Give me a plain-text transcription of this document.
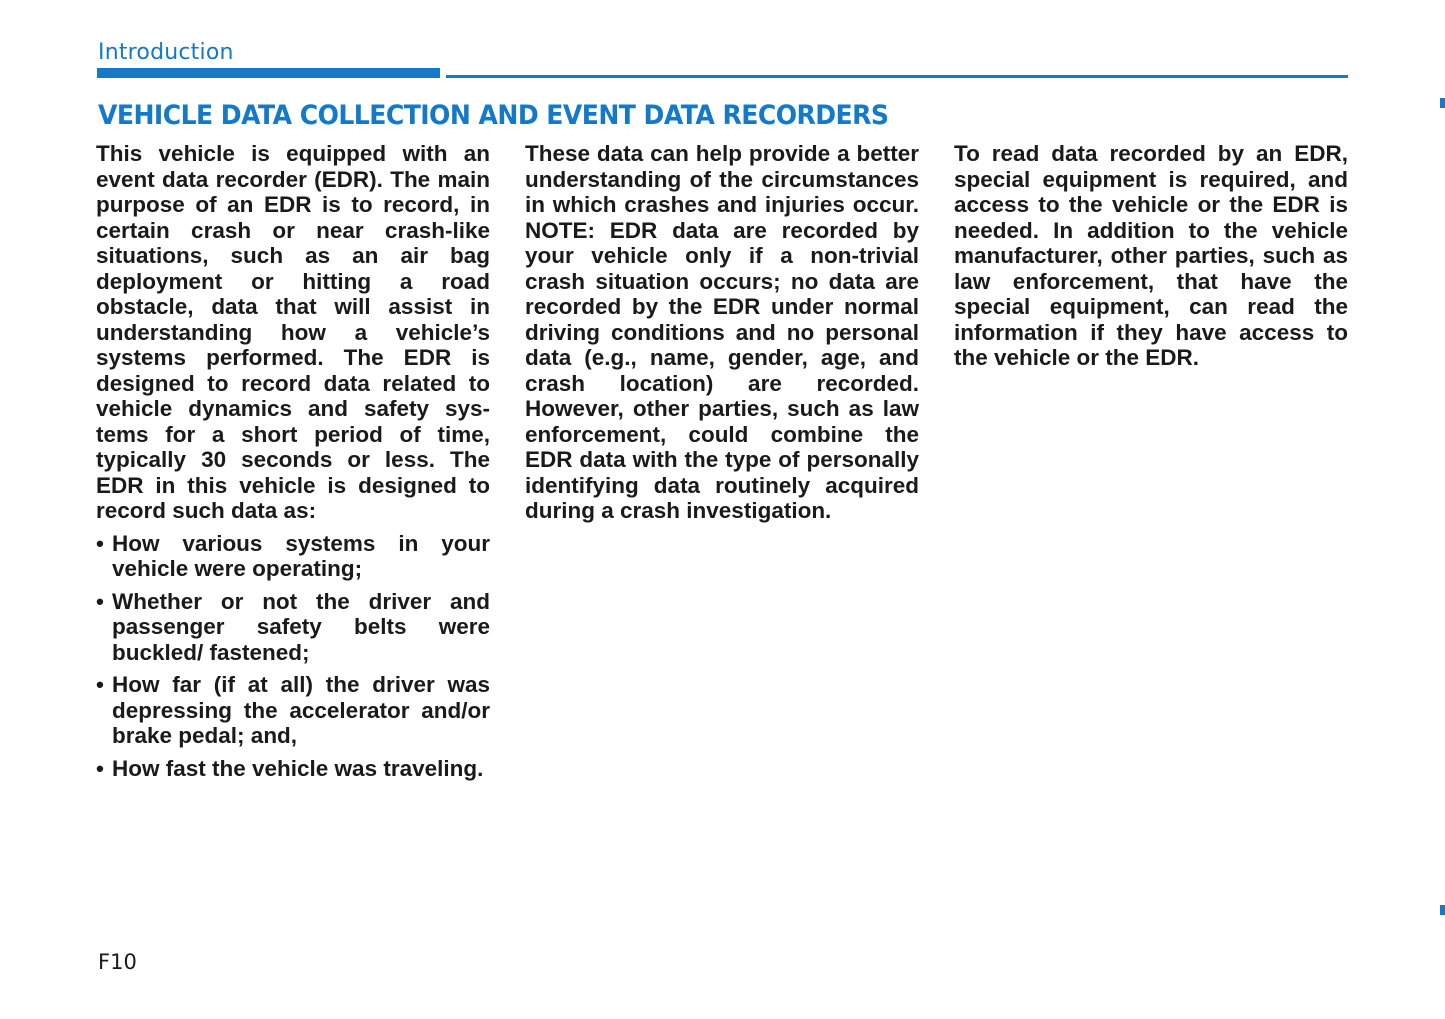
Introduction
VEHICLE DATA COLLECTION AND EVENT DATA RECORDERS

This vehicle is equipped with an event data recorder (EDR). The main purpose of an EDR is to record, in certain crash or near crash-like situations, such as an air bag deployment or hitting a road obstacle, data that will assist in understanding how a vehicle’s systems performed. The EDR is designed to record data related to vehicle dynamics and safety systems for a short period of time, typically 30 seconds or less. The EDR in this vehicle is designed to record such data as:

• How various systems in your vehicle were operating;
• Whether or not the driver and passenger safety belts were buckled/ fastened;
• How far (if at all) the driver was depressing the accelerator and/or brake pedal; and,
• How fast the vehicle was traveling.

These data can help provide a better understanding of the circumstances in which crashes and injuries occur. NOTE: EDR data are recorded by your vehicle only if a non-trivial crash situation occurs; no data are recorded by the EDR under normal driving conditions and no personal data (e.g., name, gender, age, and crash location) are recorded. However, other parties, such as law enforcement, could combine the EDR data with the type of personally identifying data routinely acquired during a crash investigation.

To read data recorded by an EDR, special equipment is required, and access to the vehicle or the EDR is needed. In addition to the vehicle manufacturer, other parties, such as law enforcement, that have the special equipment, can read the information if they have access to the vehicle or the EDR.

F10
